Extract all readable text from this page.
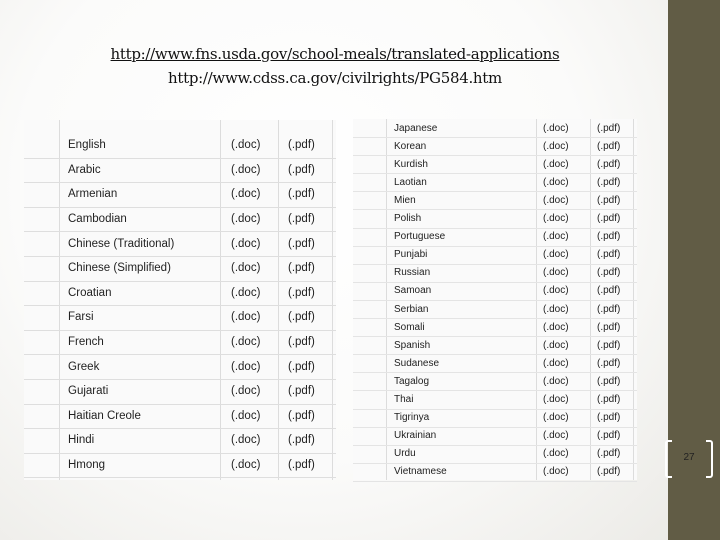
http://www.fns.usda.gov/school-meals/translated-applications
http://www.cdss.ca.gov/civilrights/PG584.htm
English	(.doc)	(.pdf)
Arabic	(.doc)	(.pdf)
Armenian	(.doc)	(.pdf)
Cambodian	(.doc)	(.pdf)
Chinese (Traditional)	(.doc)	(.pdf)
Chinese (Simplified)	(.doc)	(.pdf)
Croatian	(.doc)	(.pdf)
Farsi	(.doc)	(.pdf)
French	(.doc)	(.pdf)
Greek	(.doc)	(.pdf)
Gujarati	(.doc)	(.pdf)
Haitian Creole	(.doc)	(.pdf)
Hindi	(.doc)	(.pdf)
Hmong	(.doc)	(.pdf)
Japanese	(.doc)	(.pdf)
Korean	(.doc)	(.pdf)
Kurdish	(.doc)	(.pdf)
Laotian	(.doc)	(.pdf)
Mien	(.doc)	(.pdf)
Polish	(.doc)	(.pdf)
Portuguese	(.doc)	(.pdf)
Punjabi	(.doc)	(.pdf)
Russian	(.doc)	(.pdf)
Samoan	(.doc)	(.pdf)
Serbian	(.doc)	(.pdf)
Somali	(.doc)	(.pdf)
Spanish	(.doc)	(.pdf)
Sudanese	(.doc)	(.pdf)
Tagalog	(.doc)	(.pdf)
Thai	(.doc)	(.pdf)
Tigrinya	(.doc)	(.pdf)
Ukrainian	(.doc)	(.pdf)
Urdu	(.doc)	(.pdf)
Vietnamese	(.doc)	(.pdf)
27
